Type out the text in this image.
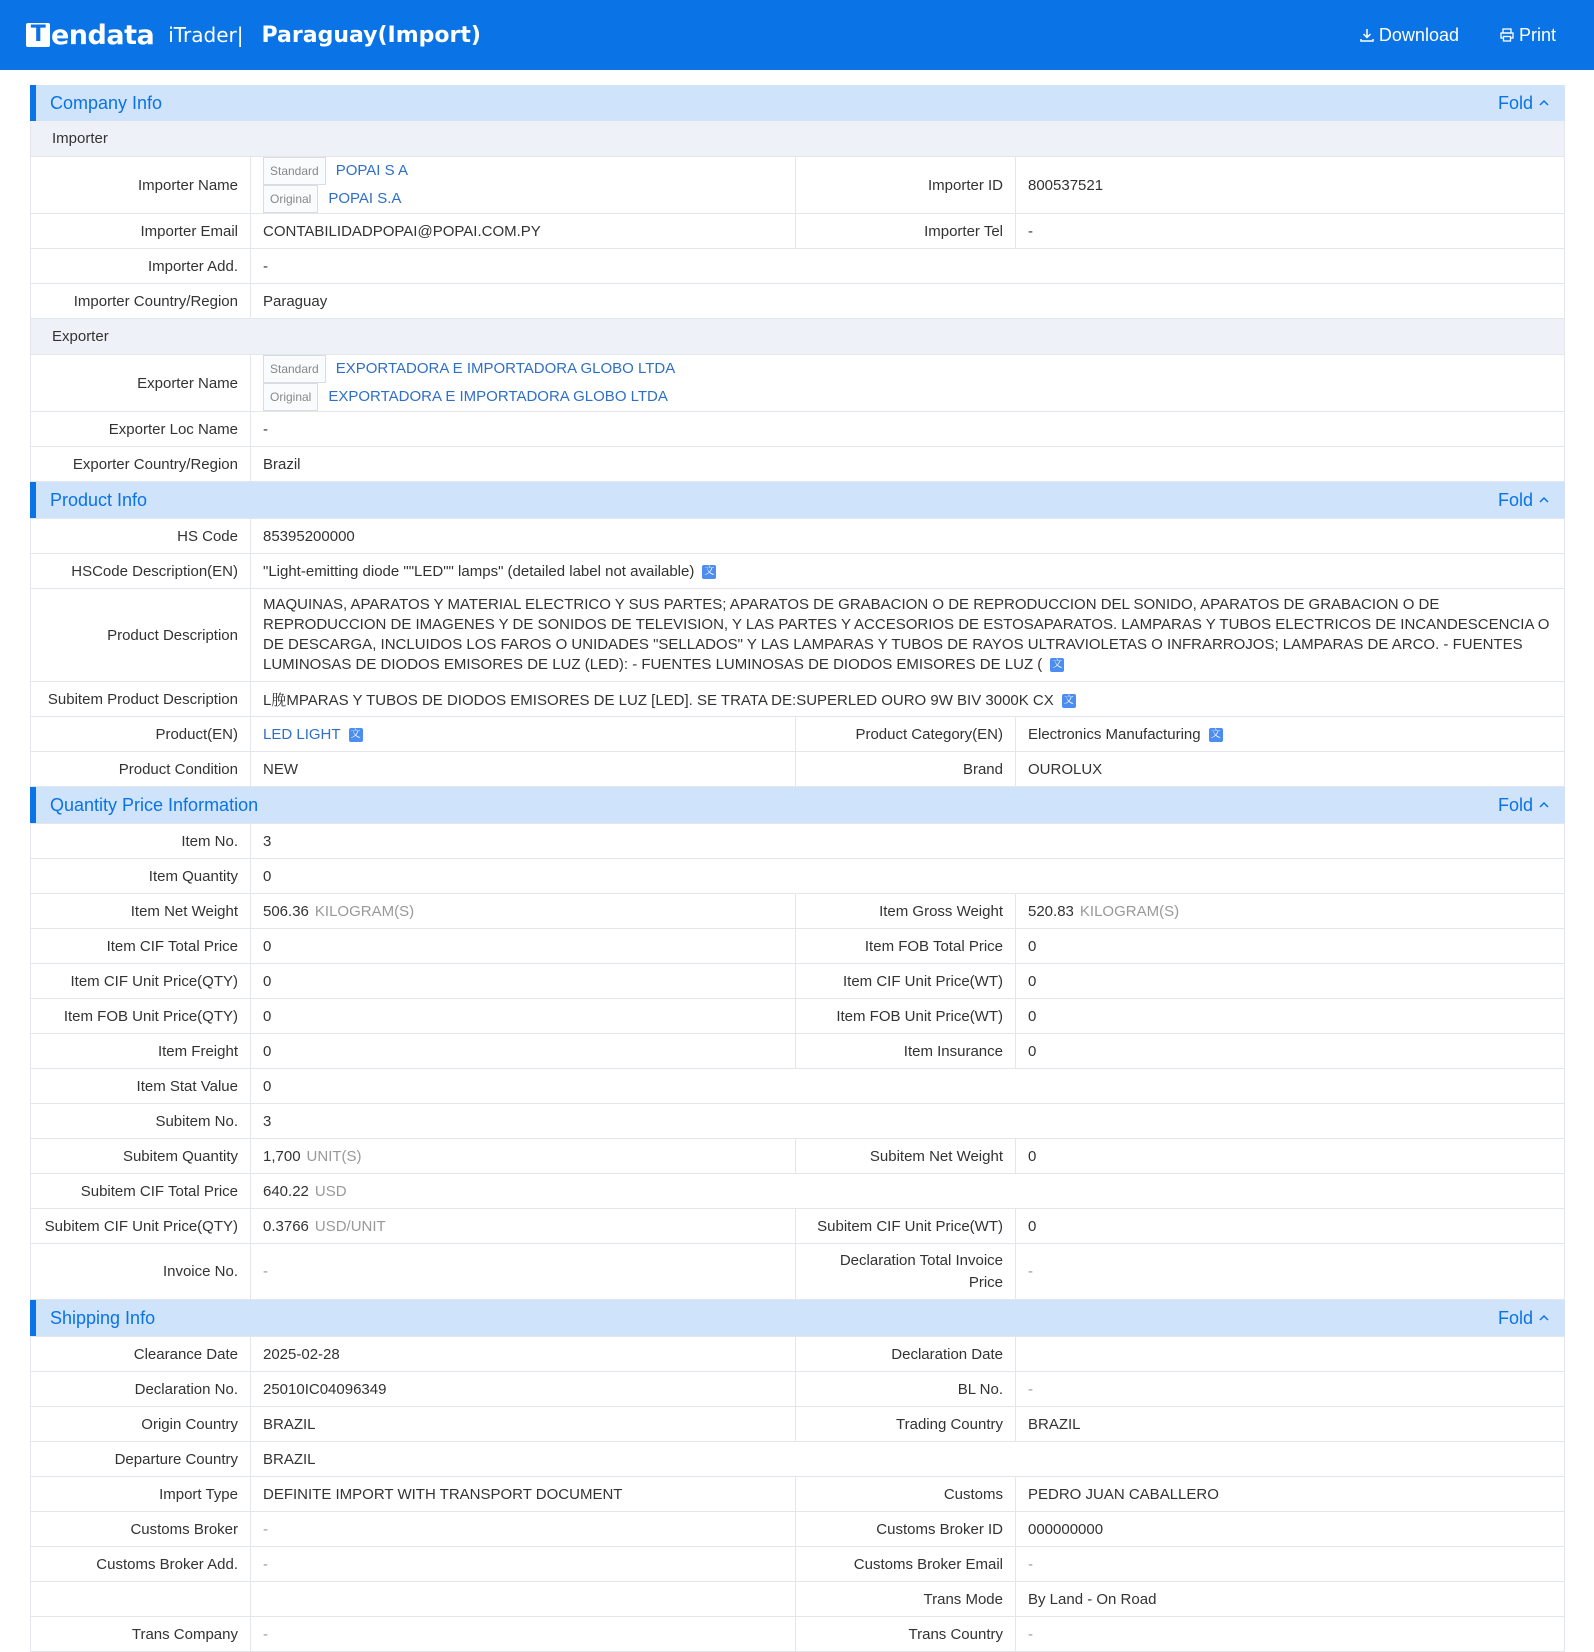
T endata iTrader| Paraguay(Import)	Download	Print
Company Info	Fold
Importer
Importer Name	Standard POPAI S A
Original POPAI S.A	Importer ID	800537521
Importer Email	CONTABILIDADPOPAI@POPAI.COM.PY	Importer Tel	-
Importer Add.	-		
Importer Country/Region	Paraguay		
Exporter
Exporter Name	Standard EXPORTADORA E IMPORTADORA GLOBO LTDA
Original EXPORTADORA E IMPORTADORA GLOBO LTDA

Exporter Loc Name	-
Exporter Country/Region	Brazil
Product Info	Fold
HS Code	85395200000		
HSCode Description(EN)	"Light-emitting diode ""LED"" lamps" (detailed label not available) 文		
Product Description	MAQUINAS, APARATOS Y MATERIAL ELECTRICO Y SUS PARTES; APARATOS DE GRABACION O DE REPRODUCCION DEL SONIDO, APARATOS DE GRABACION O DE REPRODUCCION DE IMAGENES Y DE SONIDOS DE TELEVISION, Y LAS PARTES Y ACCESORIOS DE ESTOSAPARATOS. LAMPARAS Y TUBOS ELECTRICOS DE INCANDESCENCIA O DE DESCARGA, INCLUIDOS LOS FAROS O UNIDADES "SELLADOS" Y LAS LAMPARAS Y TUBOS DE RAYOS ULTRAVIOLETAS O INFRARROJOS; LAMPARAS DE ARCO. - FUENTES LUMINOSAS DE DIODOS EMISORES DE LUZ (LED): - FUENTES LUMINOSAS DE DIODOS EMISORES DE LUZ ( 文		
Subitem Product Description	L脕MPARAS Y TUBOS DE DIODOS EMISORES DE LUZ [LED]. SE TRATA DE:SUPERLED OURO 9W BIV 3000K CX 文		
Product(EN)	LED LIGHT 文	Product Category(EN)	Electronics Manufacturing 文
Product Condition	NEW	Brand	OUROLUX
Quantity Price Information	Fold
Item No.	3		
Item Quantity	0		
Item Net Weight	506.36 KILOGRAM(S)	Item Gross Weight	520.83 KILOGRAM(S)
Item CIF Total Price	0	Item FOB Total Price	0
Item CIF Unit Price(QTY)	0	Item CIF Unit Price(WT)	0
Item FOB Unit Price(QTY)	0	Item FOB Unit Price(WT)	0
Item Freight	0	Item Insurance	0
Item Stat Value	0		
Subitem No.	3		
Subitem Quantity	1,700 UNIT(S)	Subitem Net Weight	0
Subitem CIF Total Price	640.22 USD		
Subitem CIF Unit Price(QTY)	0.3766 USD/UNIT	Subitem CIF Unit Price(WT)	0
Invoice No.	-	Declaration Total Invoice Price	-
Shipping Info	Fold
Clearance Date	2025-02-28	Declaration Date	
Declaration No.	25010IC04096349	BL No.	-
Origin Country	BRAZIL	Trading Country	BRAZIL
Departure Country	BRAZIL		
Import Type	DEFINITE IMPORT WITH TRANSPORT DOCUMENT	Customs	PEDRO JUAN CABALLERO
Customs Broker	-	Customs Broker ID	000000000
Customs Broker Add.	-	Customs Broker Email	-
		Trans Mode	By Land - On Road
Trans Company	-	Trans Country	-
